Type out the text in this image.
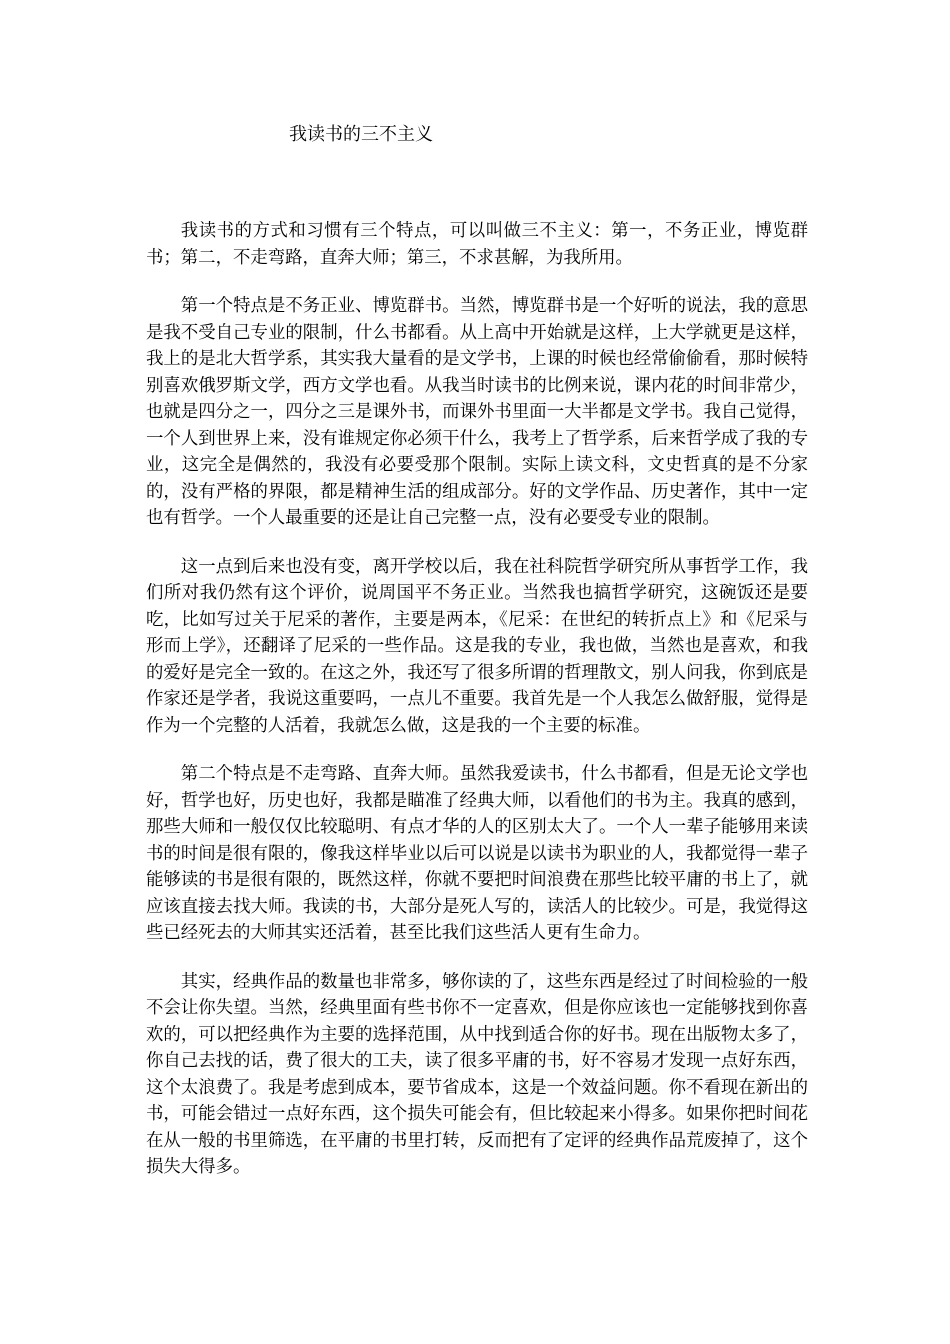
我读书的三不主义

我读书的方式和习惯有三个特点，可以叫做三不主义：第一，不务正业，博览群书；第二，不走弯路，直奔大师；第三，不求甚解，为我所用。

第一个特点是不务正业、博览群书。当然，博览群书是一个好听的说法，我的意思是我不受自己专业的限制，什么书都看。从上高中开始就是这样，上大学就更是这样，我上的是北大哲学系，其实我大量看的是文学书，上课的时候也经常偷偷看，那时候特别喜欢俄罗斯文学，西方文学也看。从我当时读书的比例来说，课内花的时间非常少，也就是四分之一，四分之三是课外书，而课外书里面一大半都是文学书。我自己觉得，一个人到世界上来，没有谁规定你必须干什么，我考上了哲学系，后来哲学成了我的专业，这完全是偶然的，我没有必要受那个限制。实际上读文科，文史哲真的是不分家的，没有严格的界限，都是精神生活的组成部分。好的文学作品、历史著作，其中一定也有哲学。一个人最重要的还是让自己完整一点，没有必要受专业的限制。

这一点到后来也没有变，离开学校以后，我在社科院哲学研究所从事哲学工作，我们所对我仍然有这个评价，说周国平不务正业。当然我也搞哲学研究，这碗饭还是要吃，比如写过关于尼采的著作，主要是两本，《尼采：在世纪的转折点上》和《尼采与形而上学》，还翻译了尼采的一些作品。这是我的专业，我也做，当然也是喜欢，和我的爱好是完全一致的。在这之外，我还写了很多所谓的哲理散文，别人问我，你到底是作家还是学者，我说这重要吗，一点儿不重要。我首先是一个人我怎么做舒服，觉得是作为一个完整的人活着，我就怎么做，这是我的一个主要的标准。

第二个特点是不走弯路、直奔大师。虽然我爱读书，什么书都看，但是无论文学也好，哲学也好，历史也好，我都是瞄准了经典大师，以看他们的书为主。我真的感到，那些大师和一般仅仅比较聪明、有点才华的人的区别太大了。一个人一辈子能够用来读书的时间是很有限的，像我这样毕业以后可以说是以读书为职业的人，我都觉得一辈子能够读的书是很有限的，既然这样，你就不要把时间浪费在那些比较平庸的书上了，就应该直接去找大师。我读的书，大部分是死人写的，读活人的比较少。可是，我觉得这些已经死去的大师其实还活着，甚至比我们这些活人更有生命力。

其实，经典作品的数量也非常多，够你读的了，这些东西是经过了时间检验的一般不会让你失望。当然，经典里面有些书你不一定喜欢，但是你应该也一定能够找到你喜欢的，可以把经典作为主要的选择范围，从中找到适合你的好书。现在出版物太多了，你自己去找的话，费了很大的工夫，读了很多平庸的书，好不容易才发现一点好东西，这个太浪费了。我是考虑到成本，要节省成本，这是一个效益问题。你不看现在新出的书，可能会错过一点好东西，这个损失可能会有，但比较起来小得多。如果你把时间花在从一般的书里筛选，在平庸的书里打转，反而把有了定评的经典作品荒废掉了，这个损失大得多。
